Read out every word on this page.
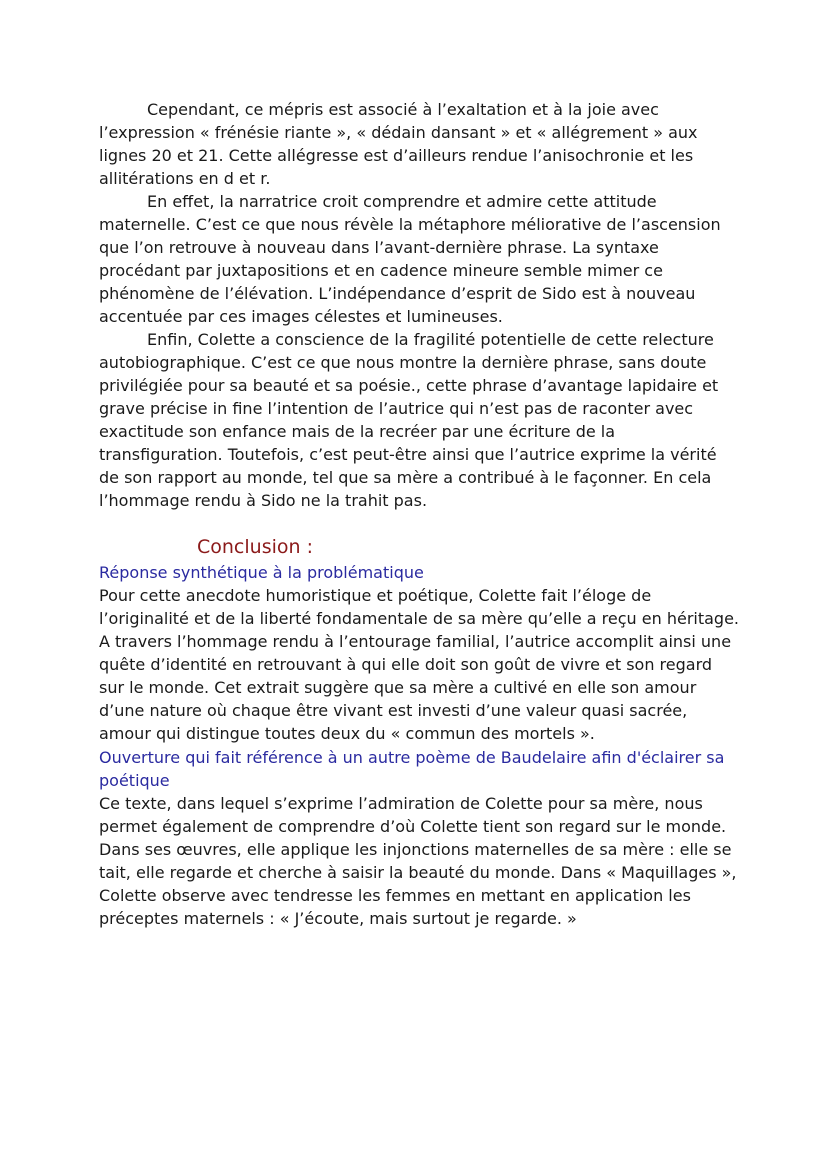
Cependant, ce mépris est associé à l’exaltation et à la joie avec l’expression « frénésie riante », « dédain dansant » et « allégrement » aux lignes 20 et 21. Cette allégresse est d’ailleurs rendue l’anisochronie et les allitérations en d et r.

En effet, la narratrice croit comprendre et admire cette attitude maternelle. C’est ce que nous révèle la métaphore méliorative de l’ascension que l’on retrouve à nouveau dans l’avant-dernière phrase. La syntaxe procédant par juxtapositions et en cadence mineure semble mimer ce phénomène de l’élévation. L’indépendance d’esprit de Sido est à nouveau accentuée par ces images célestes et lumineuses.

Enfin, Colette a conscience de la fragilité potentielle de cette relecture autobiographique. C’est ce que nous montre la dernière phrase, sans doute privilégiée pour sa beauté et sa poésie., cette phrase d’avantage lapidaire et grave précise in fine l’intention de l’autrice qui n’est pas de raconter avec exactitude son enfance mais de la recréer par une écriture de la transfiguration. Toutefois, c’est peut-être ainsi que l’autrice exprime la vérité de son rapport au monde, tel que sa mère a contribué à le façonner. En cela l’hommage rendu à Sido ne la trahit pas.

Conclusion :
Réponse synthétique à la problématique

Pour cette anecdote humoristique et poétique, Colette fait l’éloge de l’originalité et de la liberté fondamentale de sa mère qu’elle a reçu en héritage. A travers l’hommage rendu à l’entourage familial, l’autrice accomplit ainsi une quête d’identité en retrouvant à qui elle doit son goût de vivre et son regard sur le monde. Cet extrait suggère que sa mère a cultivé en elle son amour d’une nature où chaque être vivant est investi d’une valeur quasi sacrée, amour qui distingue toutes deux du « commun des mortels ».

Ouverture qui fait référence à un autre poème de Baudelaire afin d'éclairer sa poétique

Ce texte, dans lequel s’exprime l’admiration de Colette pour sa mère, nous permet également de comprendre d’où Colette tient son regard sur le monde. Dans ses œuvres, elle applique les injonctions maternelles de sa mère : elle se tait, elle regarde et cherche à saisir la beauté du monde. Dans « Maquillages », Colette observe avec tendresse les femmes en mettant en application les préceptes maternels : « J’écoute, mais surtout je regarde. »
